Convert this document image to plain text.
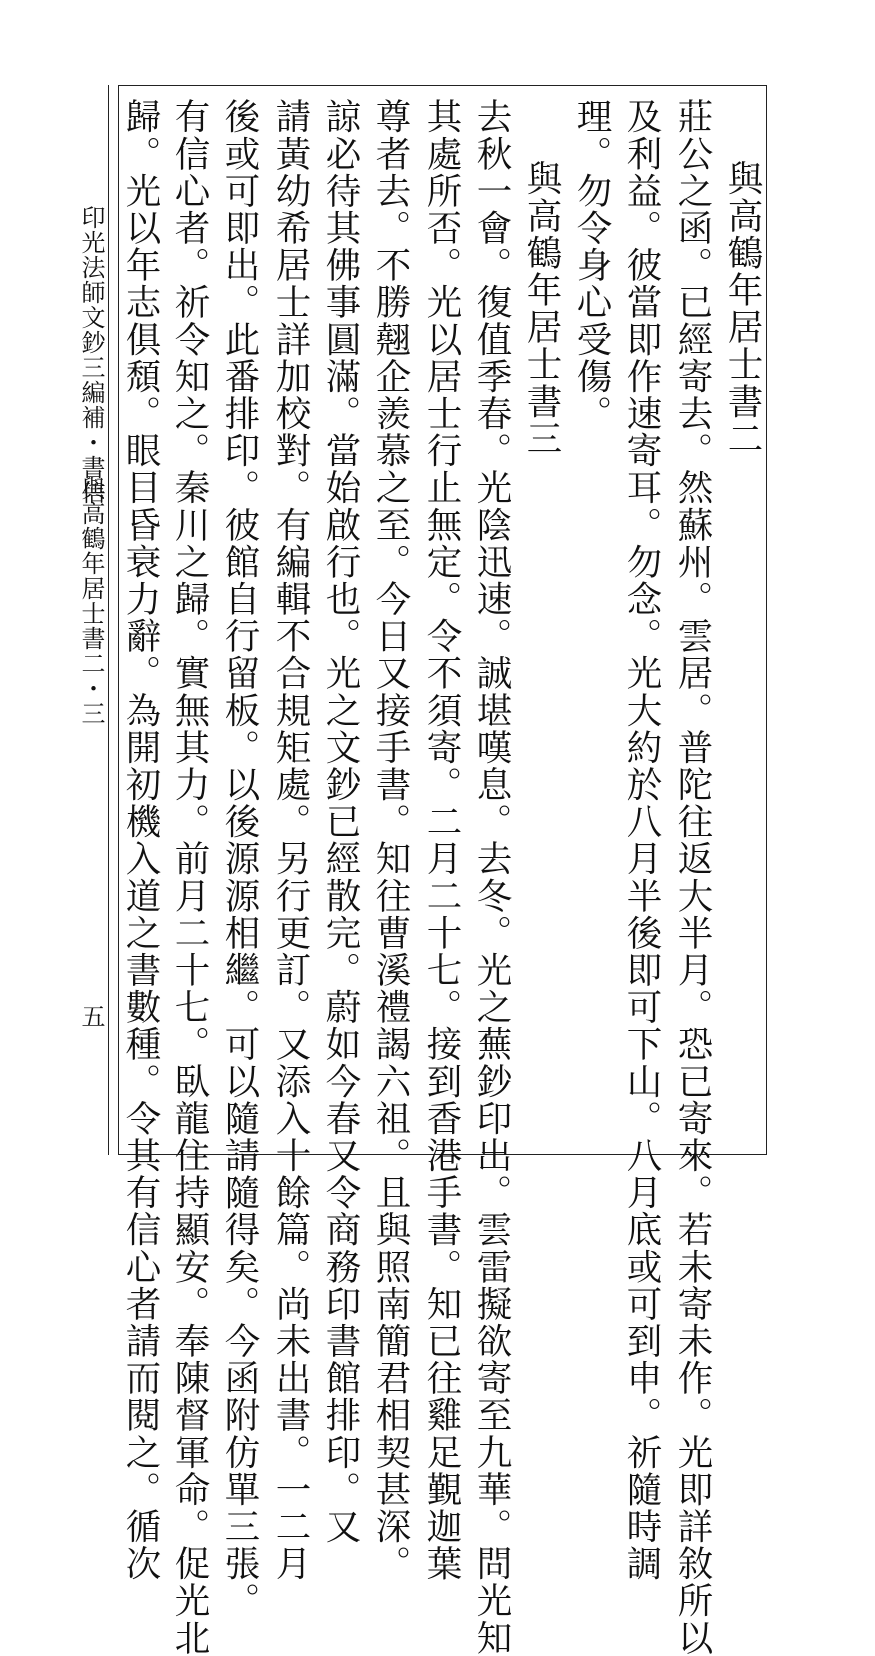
與高鶴年居士書二
莊公之函。已經寄去。然蘇州。雲居。普陀往返大半月。恐已寄來。若未寄未作。光即詳敘所以
及利益。彼當即作速寄耳。勿念。光大約於八月半後即可下山。八月底或可到申。祈隨時調
理。勿令身心受傷。
與高鶴年居士書三
去秋一會。復值季春。光陰迅速。誠堪嘆息。去冬。光之蕪鈔印出。雲雷擬欲寄至九華。問光知
其處所否。光以居士行止無定。令不須寄。二月二十七。接到香港手書。知已往雞足覲迦葉
尊者去。不勝翹企羨慕之至。今日又接手書。知往曹溪禮謁六祖。且與照南簡君相契甚深。
諒必待其佛事圓滿。當始啟行也。光之文鈔已經散完。蔚如今春又令商務印書館排印。又
請黃幼希居士詳加校對。有編輯不合規矩處。另行更訂。又添入十餘篇。尚未出書。一二月
後或可即出。此番排印。彼館自行留板。以後源源相繼。可以隨請隨得矣。今函附仿單三張。
有信心者。祈令知之。秦川之歸。實無其力。前月二十七。臥龍住持顯安。奉陳督軍命。促光北
歸。光以年志俱頹。眼目昏衰力辭。為開初機入道之書數種。令其有信心者請而閱之。循次
印光法師文鈔三編補・書信
與高鶴年居士書二・三
五
